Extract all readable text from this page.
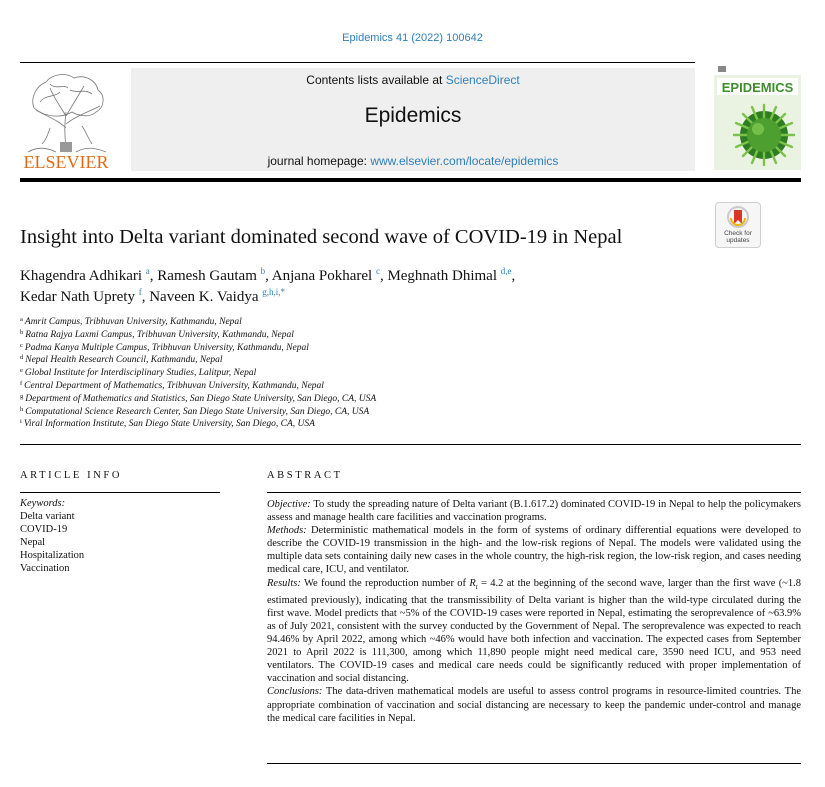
Epidemics 41 (2022) 100642
ELSEVIER
Contents lists available at ScienceDirect
Epidemics
journal homepage: www.elsevier.com/locate/epidemics
EPIDEMICS
Check for updates
Insight into Delta variant dominated second wave of COVID-19 in Nepal
Khagendra Adhikari $^a$, Ramesh Gautam $^b$, Anjana Pokharel $^c$, Meghnath Dhimal $^{d,e}$,
Kedar Nath Uprety $^f$, Naveen K. Vaidya $^{g,h,i,*}$
$^a$ Amrit Campus, Tribhuvan University, Kathmandu, Nepal
$^b$ Ratna Rajya Laxmi Campus, Tribhuvan University, Kathmandu, Nepal
$^c$ Padma Kanya Multiple Campus, Tribhuvan University, Kathmandu, Nepal
$^d$ Nepal Health Research Council, Kathmandu, Nepal
$^e$ Global Institute for Interdisciplinary Studies, Lalitpur, Nepal
$^f$ Central Department of Mathematics, Tribhuvan University, Kathmandu, Nepal
$^g$ Department of Mathematics and Statistics, San Diego State University, San Diego, CA, USA
$^h$ Computational Science Research Center, San Diego State University, San Diego, CA, USA
$^i$ Viral Information Institute, San Diego State University, San Diego, CA, USA
ARTICLE INFO
Keywords:
Delta variant
COVID-19
Nepal
Hospitalization
Vaccination
ABSTRACT

Objective: To study the spreading nature of Delta variant (B.1.617.2) dominated COVID-19 in Nepal to help the policymakers assess and manage health care facilities and vaccination programs.

Methods: Deterministic mathematical models in the form of systems of ordinary differential equations were developed to describe the COVID-19 transmission in the high- and the low-risk regions of Nepal. The models were validated using the multiple data sets containing daily new cases in the whole country, the high-risk region, the low-risk region, and cases needing medical care, ICU, and ventilator.

Results: We found the reproduction number of $R_t = 4.2$ at the beginning of the second wave, larger than the first wave (~1.8 estimated previously), indicating that the transmissibility of Delta variant is higher than the wild-type circulated during the first wave. Model predicts that ~5% of the COVID-19 cases were reported in Nepal, estimating the seroprevalence of ~63.9% as of July 2021, consistent with the survey conducted by the Government of Nepal. The seroprevalence was expected to reach 94.46% by April 2022, among which ~46% would have both infection and vaccination. The expected cases from September 2021 to April 2022 is 111,300, among which 11,890 people might need medical care, 3590 need ICU, and 953 need ventilators. The COVID-19 cases and medical care needs could be significantly reduced with proper implementation of vaccination and social distancing.

Conclusions: The data-driven mathematical models are useful to assess control programs in resource-limited countries. The appropriate combination of vaccination and social distancing are necessary to keep the pandemic under-control and manage the medical care facilities in Nepal.
